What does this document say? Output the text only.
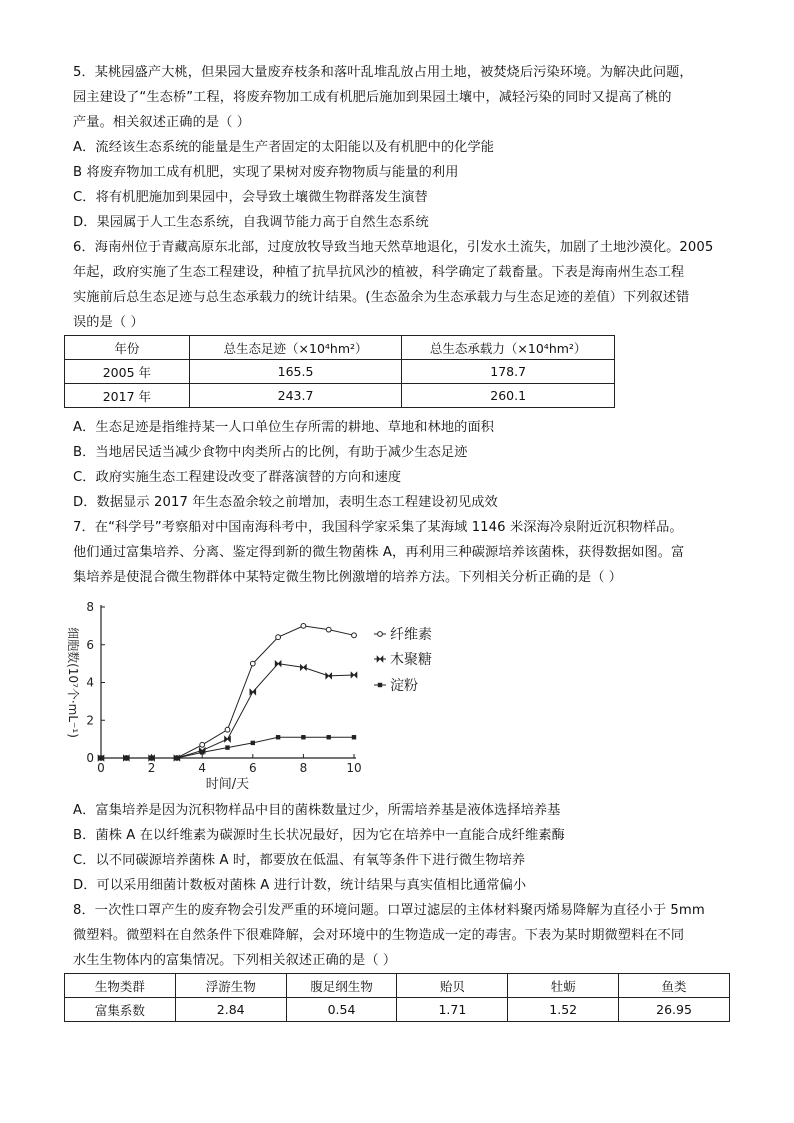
5．某桃园盛产大桃，但果园大量废弃枝条和落叶乱堆乱放占用土地，被焚烧后污染环境。为解决此问题，
园主建设了“生态桥”工程，将废弃物加工成有机肥后施加到果园土壤中，减轻污染的同时又提高了桃的
产量。相关叙述正确的是（ ）
A．流经该生态系统的能量是生产者固定的太阳能以及有机肥中的化学能
B 将废弃物加工成有机肥，实现了果树对废弃物物质与能量的利用
C．将有机肥施加到果园中，会导致土壤微生物群落发生演替
D．果园属于人工生态系统，自我调节能力高于自然生态系统
6．海南州位于青藏高原东北部，过度放牧导致当地天然草地退化，引发水土流失，加剧了土地沙漠化。2005
年起，政府实施了生态工程建设，种植了抗旱抗风沙的植被，科学确定了载畜量。下表是海南州生态工程
实施前后总生态足迹与总生态承载力的统计结果。(生态盈余为生态承载力与生态足迹的差值）下列叙述错
误的是（ ）
年份	总生态足迹（×10⁴hm²）	总生态承载力（×10⁴hm²）
2005 年	165.5	178.7
2017 年	243.7	260.1
A．生态足迹是指维持某一人口单位生存所需的耕地、草地和林地的面积
B．当地居民适当减少食物中肉类所占的比例，有助于减少生态足迹
C．政府实施生态工程建设改变了群落演替的方向和速度
D．数据显示 2017 年生态盈余较之前增加，表明生态工程建设初见成效
7．在“科学号”考察船对中国南海科考中，我国科学家采集了某海域 1146 米深海冷泉附近沉积物样品。
他们通过富集培养、分离、鉴定得到新的微生物菌株 A，再利用三种碳源培养该菌株，获得数据如图。富
集培养是使混合微生物群体中某特定微生物比例激增的培养方法。下列相关分析正确的是（ ）
0	2	4	6	8	10
0
2
4
6
8
时间/天
细胞数(10⁷个·mL⁻¹)	纤维素
木聚糖
淀粉
A．富集培养是因为沉积物样品中目的菌株数量过少，所需培养基是液体选择培养基
B．菌株 A 在以纤维素为碳源时生长状况最好，因为它在培养中一直能合成纤维素酶
C．以不同碳源培养菌株 A 时，都要放在低温、有氧等条件下进行微生物培养
D．可以采用细菌计数板对菌株 A 进行计数，统计结果与真实值相比通常偏小
8．一次性口罩产生的废弃物会引发严重的环境问题。口罩过滤层的主体材料聚丙烯易降解为直径小于 5mm
微塑料。微塑料在自然条件下很难降解，会对环境中的生物造成一定的毒害。下表为某时期微塑料在不同
水生生物体内的富集情况。下列相关叙述正确的是（ ）
生物类群	浮游生物	腹足纲生物	贻贝	牡蛎	鱼类
富集系数	2.84	0.54	1.71	1.52	26.95
